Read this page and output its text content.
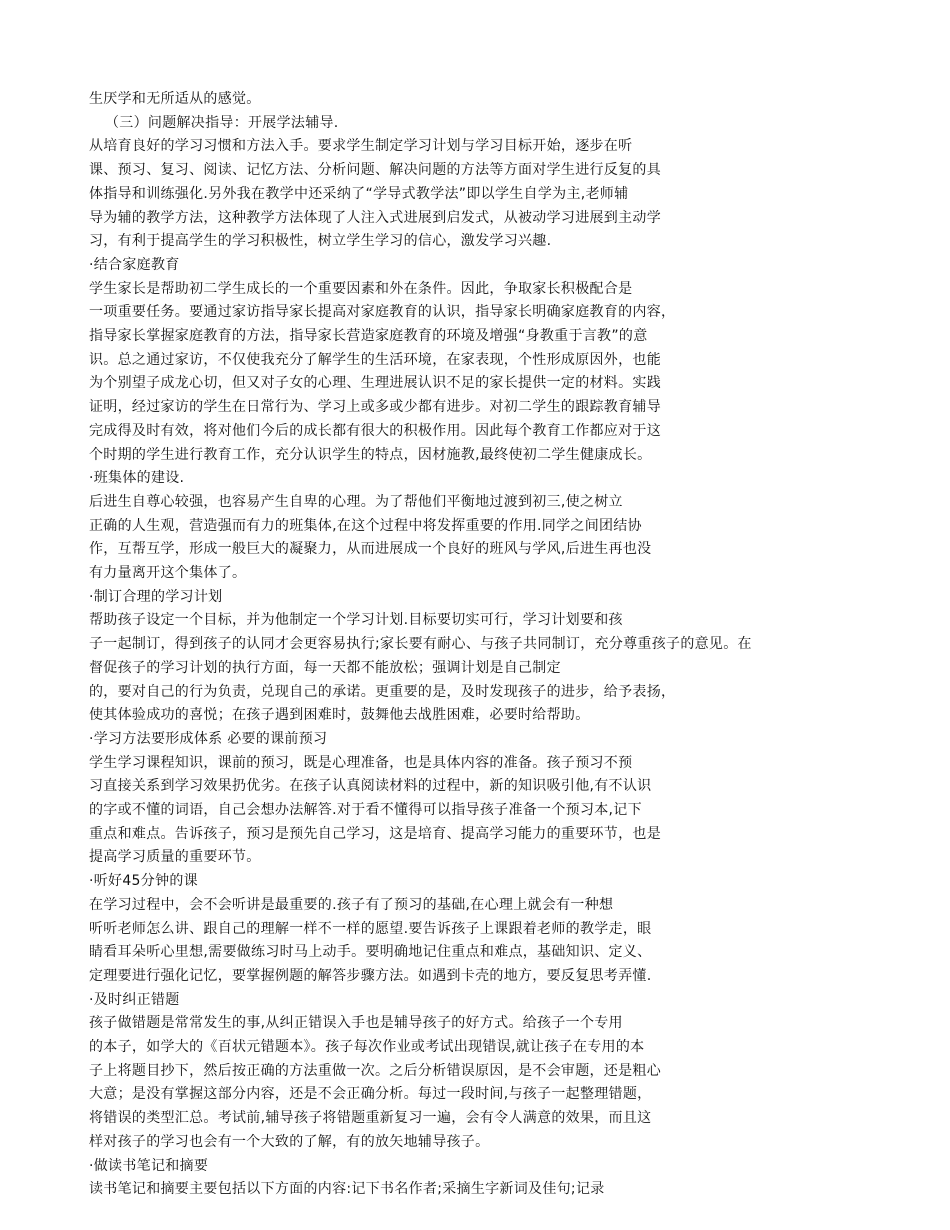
生厌学和无所适从的感觉。
（三）问题解决指导：开展学法辅导.
从培育良好的学习习惯和方法入手。要求学生制定学习计划与学习目标开始，逐步在听
课、预习、复习、阅读、记忆方法、分析问题、解决问题的方法等方面对学生进行反复的具
体指导和训练强化.另外我在教学中还采纳了“学导式教学法”即以学生自学为主,老师辅
导为辅的教学方法，这种教学方法体现了人注入式进展到启发式，从被动学习进展到主动学
习，有利于提高学生的学习积极性，树立学生学习的信心，激发学习兴趣.
·结合家庭教育
学生家长是帮助初二学生成长的一个重要因素和外在条件。因此，争取家长积极配合是
一项重要任务。要通过家访指导家长提高对家庭教育的认识，指导家长明确家庭教育的内容，
指导家长掌握家庭教育的方法，指导家长营造家庭教育的环境及增强“身教重于言教”的意
识。总之通过家访，不仅使我充分了解学生的生活环境，在家表现，个性形成原因外，也能
为个别望子成龙心切，但又对子女的心理、生理进展认识不足的家长提供一定的材料。实践
证明，经过家访的学生在日常行为、学习上或多或少都有进步。对初二学生的跟踪教育辅导
完成得及时有效，将对他们今后的成长都有很大的积极作用。因此每个教育工作都应对于这
个时期的学生进行教育工作，充分认识学生的特点，因材施教,最终使初二学生健康成长。
·班集体的建设.
后进生自尊心较强，也容易产生自卑的心理。为了帮他们平衡地过渡到初三,使之树立
正确的人生观，营造强而有力的班集体,在这个过程中将发挥重要的作用.同学之间团结协
作，互帮互学，形成一般巨大的凝聚力，从而进展成一个良好的班风与学风,后进生再也没
有力量离开这个集体了。
·制订合理的学习计划
帮助孩子设定一个目标，并为他制定一个学习计划.目标要切实可行，学习计划要和孩
子一起制订，得到孩子的认同才会更容易执行;家长要有耐心、与孩子共同制订，充分尊重孩子的意见。在
督促孩子的学习计划的执行方面，每一天都不能放松；强调计划是自己制定
的，要对自己的行为负责，兑现自己的承诺。更重要的是，及时发现孩子的进步，给予表扬，
使其体验成功的喜悦；在孩子遇到困难时，鼓舞他去战胜困难，必要时给帮助。
·学习方法要形成体系 必要的课前预习
学生学习课程知识，课前的预习，既是心理准备，也是具体内容的准备。孩子预习不预
习直接关系到学习效果扔优劣。在孩子认真阅读材料的过程中，新的知识吸引他,有不认识
的字或不懂的词语，自己会想办法解答.对于看不懂得可以指导孩子准备一个预习本,记下
重点和难点。告诉孩子，预习是预先自己学习，这是培育、提高学习能力的重要环节，也是
提高学习质量的重要环节。
·听好45分钟的课
在学习过程中，会不会听讲是最重要的.孩子有了预习的基础,在心理上就会有一种想
听听老师怎么讲、跟自己的理解一样不一样的愿望.要告诉孩子上课跟着老师的教学走，眼
睛看耳朵听心里想,需要做练习时马上动手。要明确地记住重点和难点，基础知识、定义、
定理要进行强化记忆，要掌握例题的解答步骤方法。如遇到卡壳的地方，要反复思考弄懂.
·及时纠正错题
孩子做错题是常常发生的事,从纠正错误入手也是辅导孩子的好方式。给孩子一个专用
的本子，如学大的《百状元错题本》。孩子每次作业或考试出现错误,就让孩子在专用的本
子上将题目抄下，然后按正确的方法重做一次。之后分析错误原因，是不会审题，还是粗心
大意；是没有掌握这部分内容，还是不会正确分析。每过一段时间,与孩子一起整理错题，
将错误的类型汇总。考试前,辅导孩子将错题重新复习一遍，会有令人满意的效果，而且这
样对孩子的学习也会有一个大致的了解，有的放矢地辅导孩子。
·做读书笔记和摘要
读书笔记和摘要主要包括以下方面的内容:记下书名作者;采摘生字新词及佳句;记录
